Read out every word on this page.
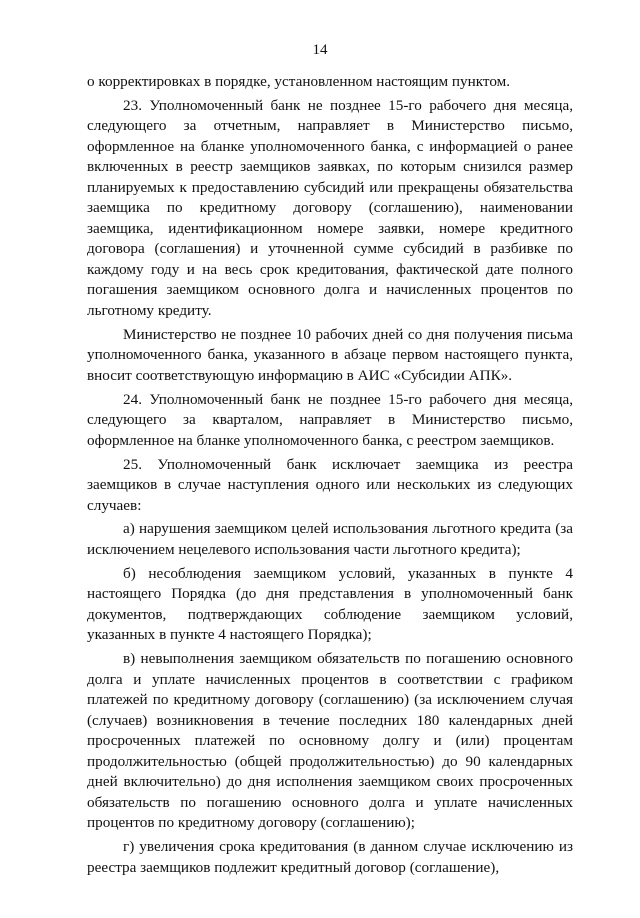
14

о корректировках в порядке, установленном настоящим пунктом.

23. Уполномоченный банк не позднее 15-го рабочего дня месяца, следующего за отчетным, направляет в Министерство письмо, оформленное на бланке уполномоченного банка, с информацией о ранее включенных в реестр заемщиков заявках, по которым снизился размер планируемых к предоставлению субсидий или прекращены обязательства заемщика по кредитному договору (соглашению), наименовании заемщика, идентификационном номере заявки, номере кредитного договора (соглашения) и уточненной сумме субсидий в разбивке по каждому году и на весь срок кредитования, фактической дате полного погашения заемщиком основного долга и начисленных процентов по льготному кредиту.

Министерство не позднее 10 рабочих дней со дня получения письма уполномоченного банка, указанного в абзаце первом настоящего пункта, вносит соответствующую информацию в АИС «Субсидии АПК».

24. Уполномоченный банк не позднее 15-го рабочего дня месяца, следующего за кварталом, направляет в Министерство письмо, оформленное на бланке уполномоченного банка, с реестром заемщиков.

25. Уполномоченный банк исключает заемщика из реестра заемщиков в случае наступления одного или нескольких из следующих случаев:

а) нарушения заемщиком целей использования льготного кредита (за исключением нецелевого использования части льготного кредита);

б) несоблюдения заемщиком условий, указанных в пункте 4 настоящего Порядка (до дня представления в уполномоченный банк документов, подтверждающих соблюдение заемщиком условий, указанных в пункте 4 настоящего Порядка);

в) невыполнения заемщиком обязательств по погашению основного долга и уплате начисленных процентов в соответствии с графиком платежей по кредитному договору (соглашению) (за исключением случая (случаев) возникновения в течение последних 180 календарных дней просроченных платежей по основному долгу и (или) процентам продолжительностью (общей продолжительностью) до 90 календарных дней включительно) до дня исполнения заемщиком своих просроченных обязательств по погашению основного долга и уплате начисленных процентов по кредитному договору (соглашению);

г) увеличения срока кредитования (в данном случае исключению из реестра заемщиков подлежит кредитный договор (соглашение),
